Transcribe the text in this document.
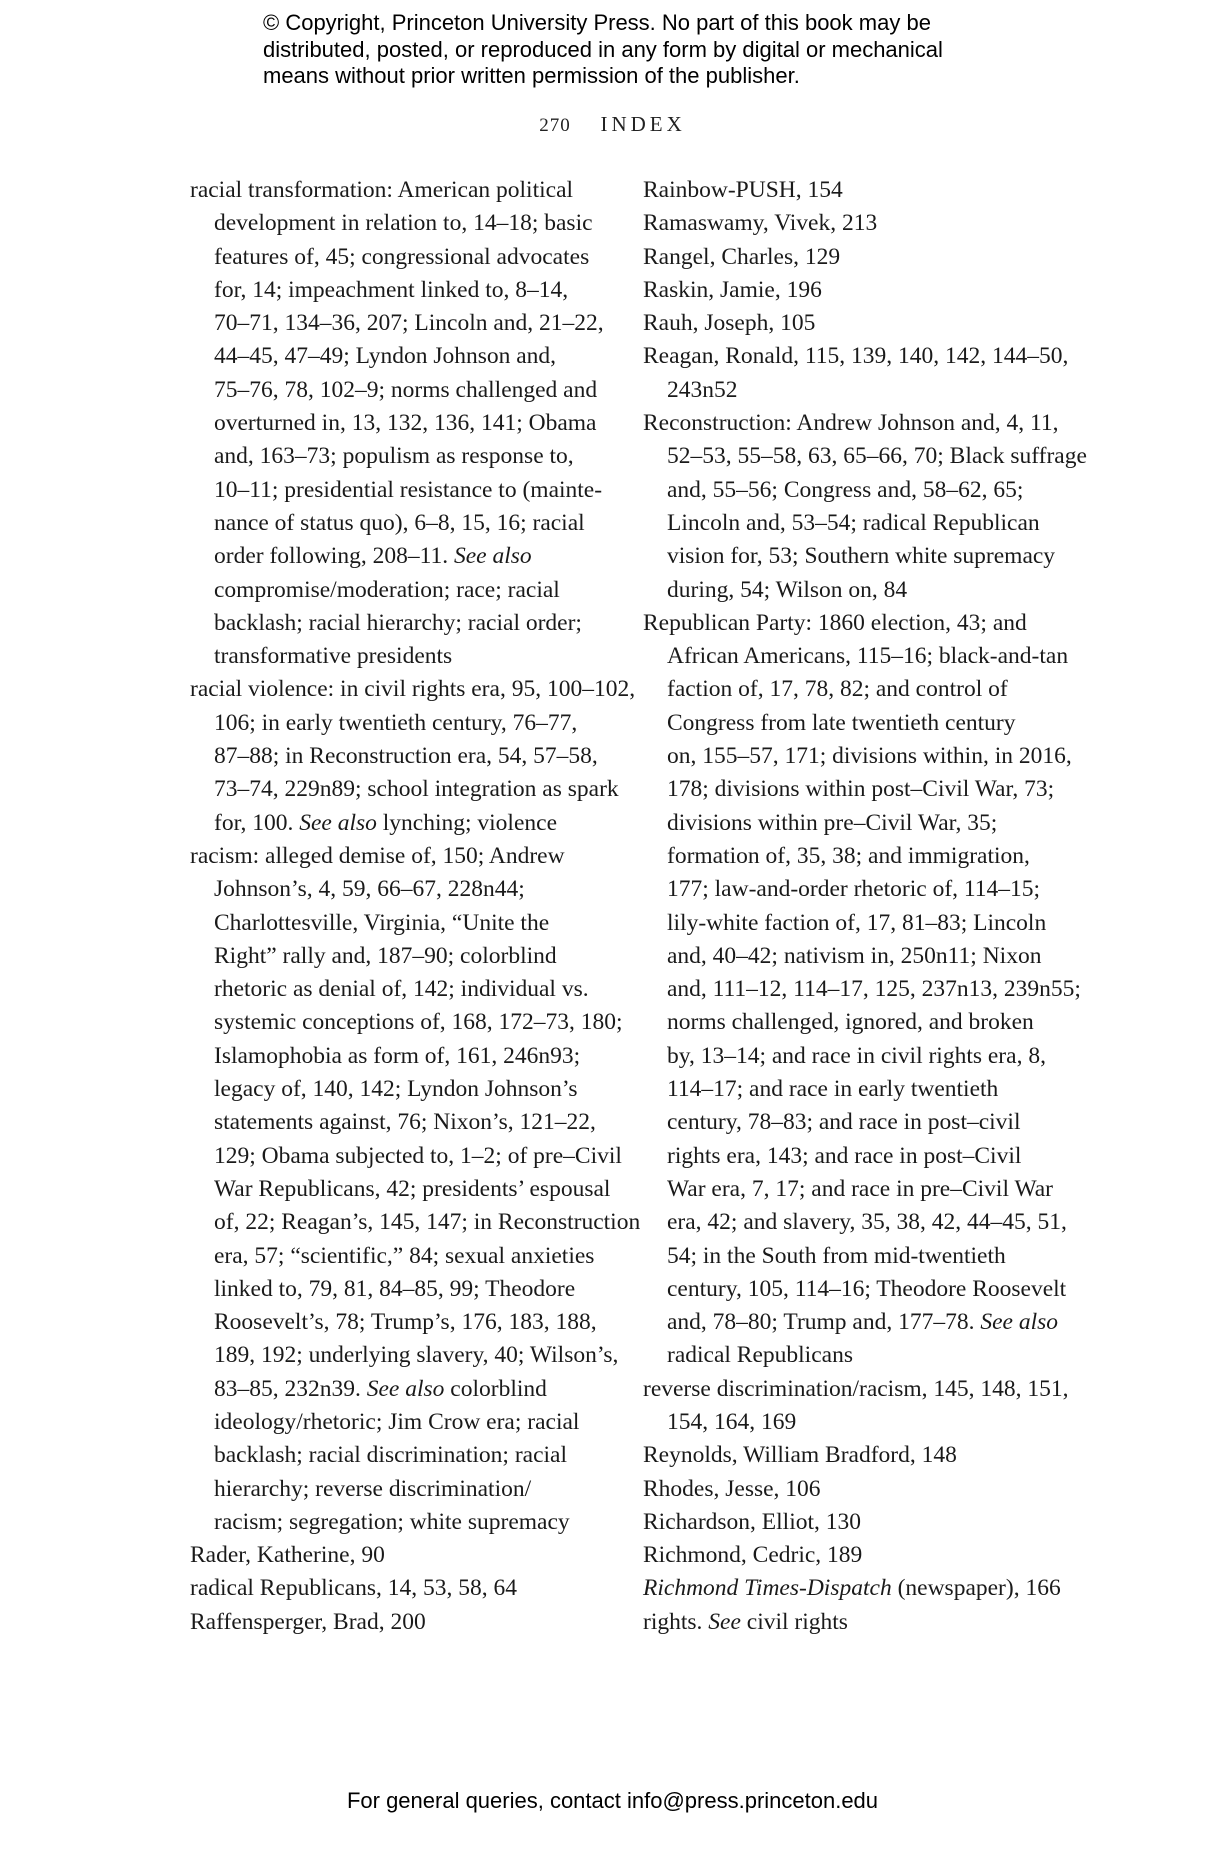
© Copyright, Princeton University Press. No part of this book may be
distributed, posted, or reproduced in any form by digital or mechanical
means without prior written permission of the publisher.
270 INDEX
racial transformation: American political
development in relation to, 14–18; basic
features of, 45; congressional advocates
for, 14; impeachment linked to, 8–14,
70–71, 134–36, 207; Lincoln and, 21–22,
44–45, 47–49; Lyndon Johnson and,
75–76, 78, 102–9; norms challenged and
overturned in, 13, 132, 136, 141; Obama
and, 163–73; populism as response to,
10–11; presidential resistance to (mainte-
nance of status quo), 6–8, 15, 16; racial
order following, 208–11. See also
compromise/moderation; race; racial
backlash; racial hierarchy; racial order;
transformative presidents
racial violence: in civil rights era, 95, 100–102,
106; in early twentieth century, 76–77,
87–88; in Reconstruction era, 54, 57–58,
73–74, 229n89; school integration as spark
for, 100. See also lynching; violence
racism: alleged demise of, 150; Andrew
Johnson’s, 4, 59, 66–67, 228n44;
Charlottesville, Virginia, “Unite the
Right” rally and, 187–90; colorblind
rhetoric as denial of, 142; individual vs.
systemic conceptions of, 168, 172–73, 180;
Islamophobia as form of, 161, 246n93;
legacy of, 140, 142; Lyndon Johnson’s
statements against, 76; Nixon’s, 121–22,
129; Obama subjected to, 1–2; of pre–Civil
War Republicans, 42; presidents’ espousal
of, 22; Reagan’s, 145, 147; in Reconstruction
era, 57; “scientific,” 84; sexual anxieties
linked to, 79, 81, 84–85, 99; Theodore
Roosevelt’s, 78; Trump’s, 176, 183, 188,
189, 192; underlying slavery, 40; Wilson’s,
83–85, 232n39. See also colorblind
ideology/rhetoric; Jim Crow era; racial
backlash; racial discrimination; racial
hierarchy; reverse discrimination/
racism; segregation; white supremacy
Rader, Katherine, 90
radical Republicans, 14, 53, 58, 64
Raffensperger, Brad, 200
Rainbow-PUSH, 154
Ramaswamy, Vivek, 213
Rangel, Charles, 129
Raskin, Jamie, 196
Rauh, Joseph, 105
Reagan, Ronald, 115, 139, 140, 142, 144–50,
243n52
Reconstruction: Andrew Johnson and, 4, 11,
52–53, 55–58, 63, 65–66, 70; Black suffrage
and, 55–56; Congress and, 58–62, 65;
Lincoln and, 53–54; radical Republican
vision for, 53; Southern white supremacy
during, 54; Wilson on, 84
Republican Party: 1860 election, 43; and
African Americans, 115–16; black-and-tan
faction of, 17, 78, 82; and control of
Congress from late twentieth century
on, 155–57, 171; divisions within, in 2016,
178; divisions within post–Civil War, 73;
divisions within pre–Civil War, 35;
formation of, 35, 38; and immigration,
177; law-and-order rhetoric of, 114–15;
lily-white faction of, 17, 81–83; Lincoln
and, 40–42; nativism in, 250n11; Nixon
and, 111–12, 114–17, 125, 237n13, 239n55;
norms challenged, ignored, and broken
by, 13–14; and race in civil rights era, 8,
114–17; and race in early twentieth
century, 78–83; and race in post–civil
rights era, 143; and race in post–Civil
War era, 7, 17; and race in pre–Civil War
era, 42; and slavery, 35, 38, 42, 44–45, 51,
54; in the South from mid-twentieth
century, 105, 114–16; Theodore Roosevelt
and, 78–80; Trump and, 177–78. See also
radical Republicans
reverse discrimination/racism, 145, 148, 151,
154, 164, 169
Reynolds, William Bradford, 148
Rhodes, Jesse, 106
Richardson, Elliot, 130
Richmond, Cedric, 189
Richmond Times-Dispatch (newspaper), 166
rights. See civil rights
For general queries, contact info@press.princeton.edu
